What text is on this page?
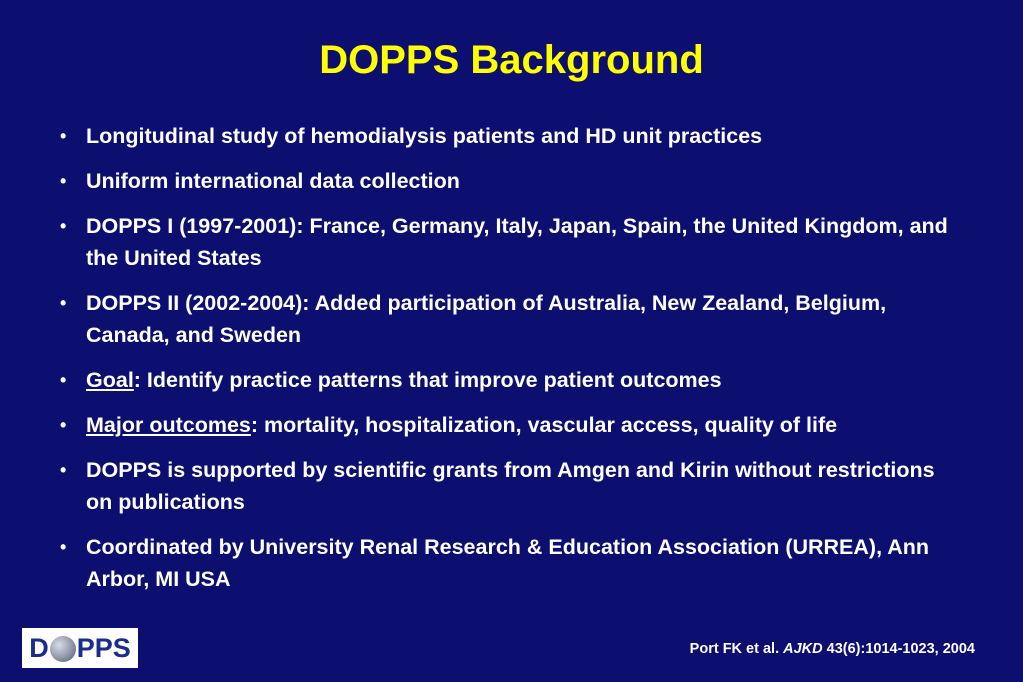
DOPPS Background
• Longitudinal study of hemodialysis patients and HD unit practices
• Uniform international data collection
• DOPPS I (1997-2001): France, Germany, Italy, Japan, Spain, the United Kingdom, and the United States
• DOPPS II (2002-2004): Added participation of Australia, New Zealand, Belgium, Canada, and Sweden
• Goal: Identify practice patterns that improve patient outcomes
• Major outcomes: mortality, hospitalization, vascular access, quality of life
• DOPPS is supported by scientific grants from Amgen and Kirin without restrictions on publications
• Coordinated by University Renal Research & Education Association (URREA), Ann Arbor, MI USA
D PPS	Port FK et al. AJKD 43(6):1014-1023, 2004
